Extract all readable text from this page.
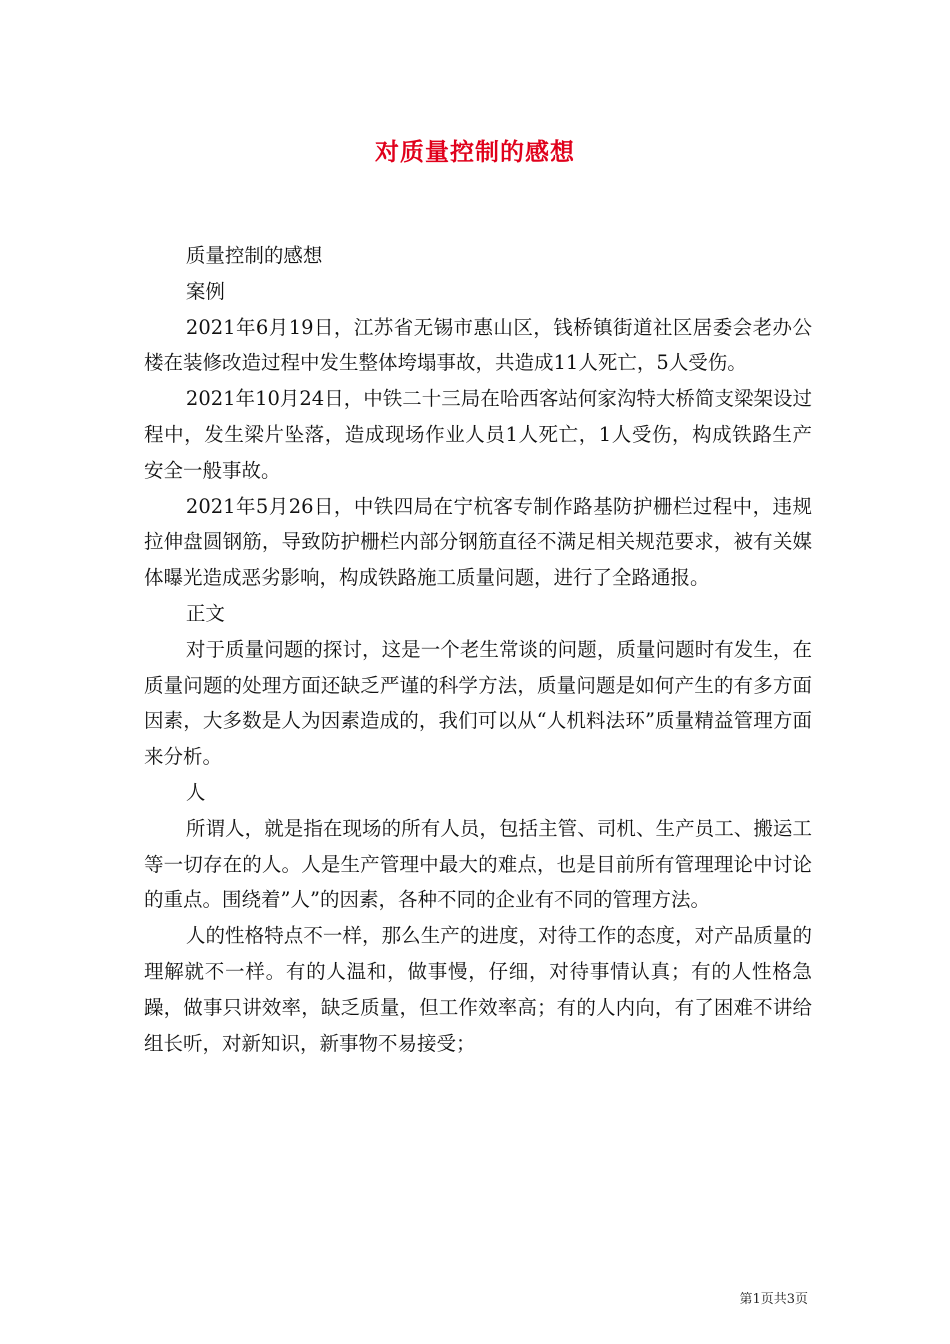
对质量控制的感想

质量控制的感想

案例

2021年6月19日，江苏省无锡市惠山区，钱桥镇街道社区居委会老办公楼在装修改造过程中发生整体垮塌事故，共造成11人死亡，5人受伤。

2021年10月24日，中铁二十三局在哈西客站何家沟特大桥简支梁架设过程中，发生梁片坠落，造成现场作业人员1人死亡，1人受伤，构成铁路生产安全一般事故。

2021年5月26日，中铁四局在宁杭客专制作路基防护栅栏过程中，违规拉伸盘圆钢筋，导致防护栅栏内部分钢筋直径不满足相关规范要求，被有关媒体曝光造成恶劣影响，构成铁路施工质量问题，进行了全路通报。

正文

对于质量问题的探讨，这是一个老生常谈的问题，质量问题时有发生，在质量问题的处理方面还缺乏严谨的科学方法，质量问题是如何产生的有多方面因素，大多数是人为因素造成的，我们可以从“人机料法环”质量精益管理方面来分析。

人

所谓人，就是指在现场的所有人员，包括主管、司机、生产员工、搬运工等一切存在的人。人是生产管理中最大的难点，也是目前所有管理理论中讨论的重点。围绕着”人”的因素，各种不同的企业有不同的管理方法。

人的性格特点不一样，那么生产的进度，对待工作的态度，对产品质量的理解就不一样。有的人温和，做事慢，仔细，对待事情认真；有的人性格急躁，做事只讲效率，缺乏质量，但工作效率高；有的人内向，有了困难不讲给组长听，对新知识，新事物不易接受；

第1页共3页
